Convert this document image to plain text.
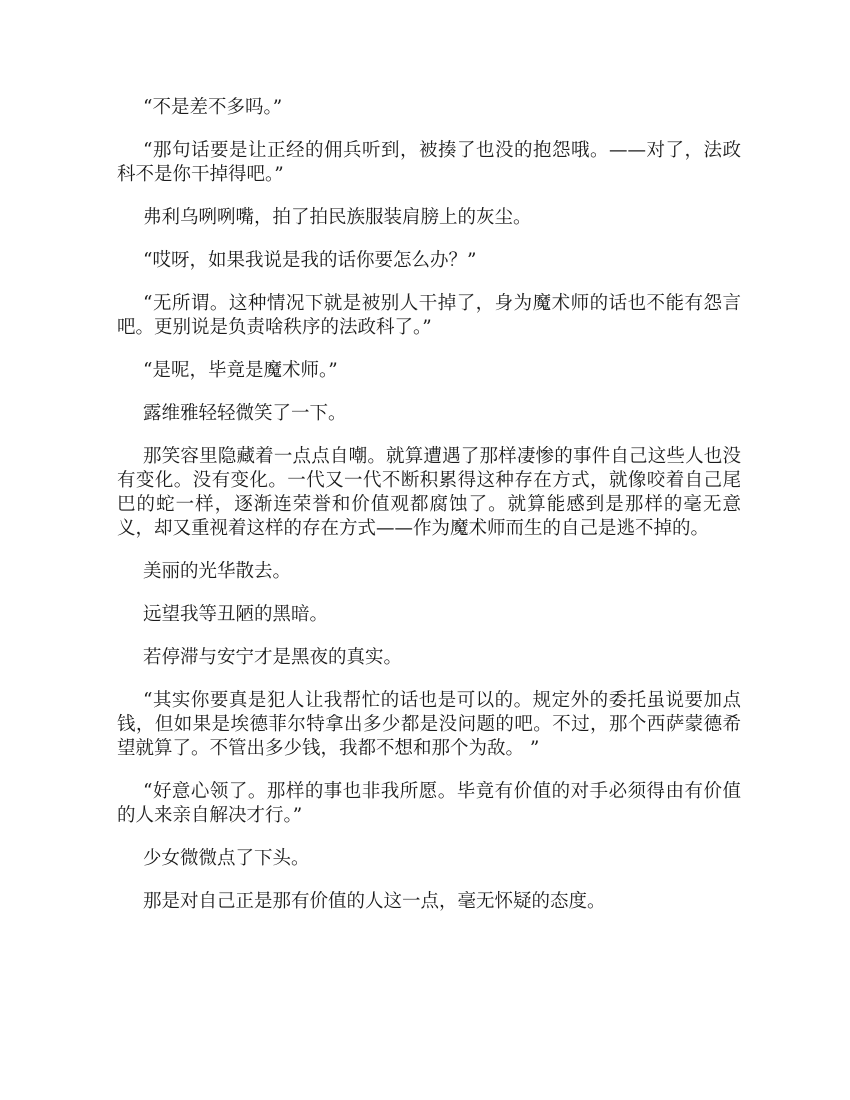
“不是差不多吗。”

“那句话要是让正经的佣兵听到，被揍了也没的抱怨哦。——对了，法政科不是你干掉得吧。”

弗利乌咧咧嘴，拍了拍民族服装肩膀上的灰尘。

“哎呀，如果我说是我的话你要怎么办？”

“无所谓。这种情况下就是被别人干掉了，身为魔术师的话也不能有怨言吧。更别说是负责啥秩序的法政科了。”

“是呢，毕竟是魔术师。”

露维雅轻轻微笑了一下。

那笑容里隐藏着一点点自嘲。就算遭遇了那样凄惨的事件自己这些人也没有变化。没有变化。一代又一代不断积累得这种存在方式，就像咬着自己尾巴的蛇一样，逐渐连荣誉和价值观都腐蚀了。就算能感到是那样的毫无意义，却又重视着这样的存在方式——作为魔术师而生的自己是逃不掉的。

美丽的光华散去。

远望我等丑陋的黑暗。

若停滞与安宁才是黑夜的真实。

“其实你要真是犯人让我帮忙的话也是可以的。规定外的委托虽说要加点钱，但如果是埃德菲尔特拿出多少都是没问题的吧。不过，那个西萨蒙德希望就算了。不管出多少钱，我都不想和那个为敌。 ”

“好意心领了。那样的事也非我所愿。毕竟有价值的对手必须得由有价值的人来亲自解决才行。”

少女微微点了下头。

那是对自己正是那有价值的人这一点，毫无怀疑的态度。
